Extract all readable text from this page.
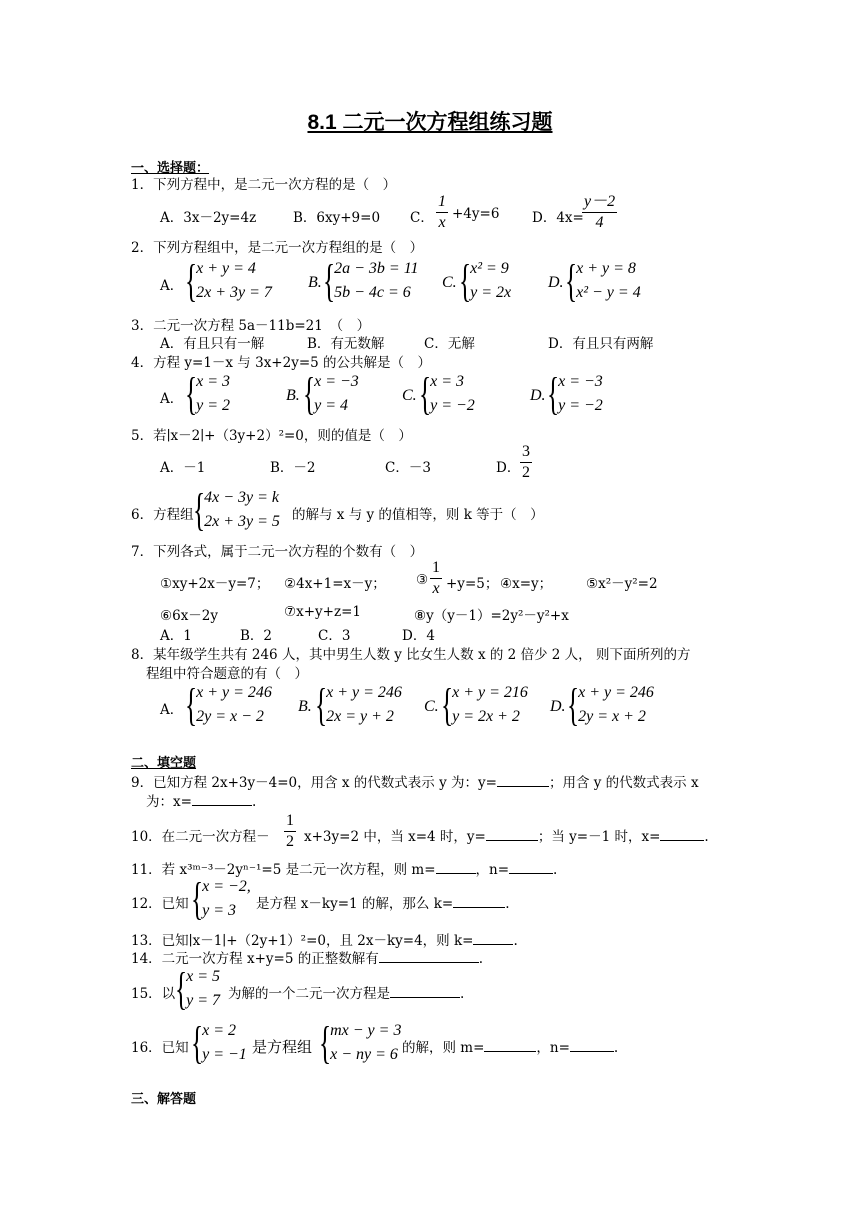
8.1 二元一次方程组练习题
一、选择题：
1．下列方程中，是二元一次方程的是（　）
A．3x－2y=4z	B．6xy+9=0 C． $\frac{1}{x} +4y=6$ D．4x=
$\frac{y-2}{4}$
2．下列方程组中，是二元一次方程组的是（　）
A． {
x + y = 4
2x + 3y = 7
B. {
2a − 3b = 11
5b − 4c = 6
C. {
x² = 9
y = 2x
D. {
x + y = 8
x² − y = 4
3．二元一次方程 5a－11b=21　（　）
A．有且只有一解	B．有无数解	C．无解	D．有且只有两解
4．方程 y=1－x 与 3x+2y=5 的公共解是（　）
A． {
x = 3
y = 2
B. {
x = −3
y = 4
C. {
x = 3
y = −2
D. {
x = −3
y = −2
5．若∣x－2∣+（3y+2）²=0，则的值是（　）
A．－1	B．－2	C．－3	D． $\frac{3}{2}$
6．方程组 {
4x − 3y = k
2x + 3y = 5 的解与 x 与 y 的值相等，则 k 等于（　）
7．下列各式，属于二元一次方程的个数有（　）
①xy+2x－y=7； ②4x+1=x－y； ③ $\frac{1}{x} +y=5$； ④x=y；	⑤x²－y²=2
⑥6x－2y	⑦x+y+z=1	⑧y（y－1）=2y²－y²+x
A．1	B．2	C．3	D．4
8．某年级学生共有 246 人，其中男生人数 y 比女生人数 x 的 2 倍少 2 人， 则下面所列的方
程组中符合题意的有（　）
A． {
x + y = 246
2y = x − 2
B. {
x + y = 246
2x = y + 2
C. {
x + y = 216
y = 2x + 2
D. {
x + y = 246
2y = x + 2
二、填空题
9．已知方程 2x+3y－4=0，用含 x 的代数式表示 y 为：y=	；用含 y 的代数式表示 x
为：x=	.
10．在二元一次方程－ $\frac{1}{2} x+3y=2$ 中，当 x=4 时，y=	；当 y=－1 时，x=	.
11．若 x³ᵐ⁻³－2yⁿ⁻¹=5 是二元一次方程，则 m=	，n=	.
12．已知 {
x = −2,
y = 3	是方程 x－ky=1 的解，那么 k=	.
13．已知∣x－1∣+（2y+1）²=0，且 2x－ky=4，则 k=	.
14．二元一次方程 x+y=5 的正整数解有	.
15．以 {
x = 5
y = 7 为解的一个二元一次方程是	.
16．已知 {
x = 2
y = −1 是方程组 {
mx − y = 3
x − ny = 6 的解，则 m=	，n=	.
三、解答题
